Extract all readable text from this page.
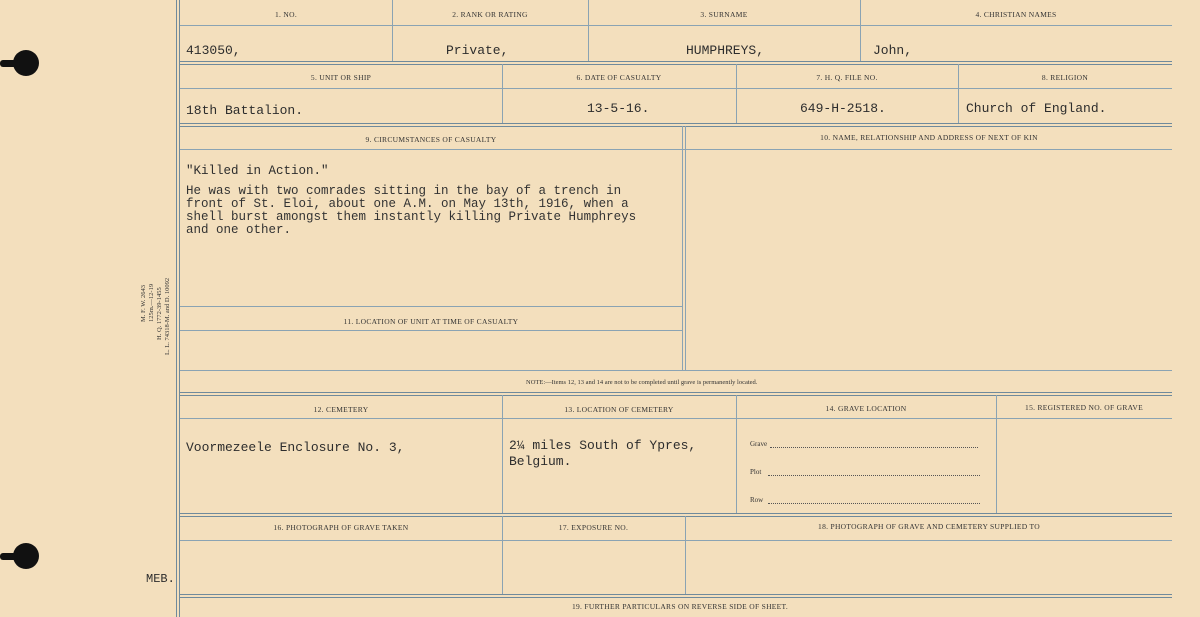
M. F. W. 2643 125m.—12-19 H. Q. 1772-39-1455 L. L. 74318-M. and D. 10092
MEB.
1. NO.	2. RANK OR RATING	3. SURNAME	4. CHRISTIAN NAMES
413050,	Private,	HUMPHREYS,	John,
5. UNIT OR SHIP	6. DATE OF CASUALTY	7. H. Q. FILE NO.	8. RELIGION
18th Battalion.	13-5-16.	649-H-2518.	Church of England.
9. CIRCUMSTANCES OF CASUALTY	10. NAME, RELATIONSHIP AND ADDRESS OF NEXT OF KIN
"Killed in Action."
He was with two comrades sitting in the bay of a trench in
front of St. Eloi, about one A.M. on May 13th, 1916, when a
shell burst amongst them instantly killing Private Humphreys
and one other.
11. LOCATION OF UNIT AT TIME OF CASUALTY
NOTE:—Items 12, 13 and 14 are not to be completed until grave is permanently located.
12. CEMETERY	13. LOCATION OF CEMETERY	14. GRAVE LOCATION	15. REGISTERED NO. OF GRAVE
Voormezeele Enclosure No. 3,	2¼ miles South of Ypres,
Belgium.
Grave
Plot
Row
16. PHOTOGRAPH OF GRAVE TAKEN	17. EXPOSURE NO.	18. PHOTOGRAPH OF GRAVE AND CEMETERY SUPPLIED TO
19. FURTHER PARTICULARS ON REVERSE SIDE OF SHEET.
